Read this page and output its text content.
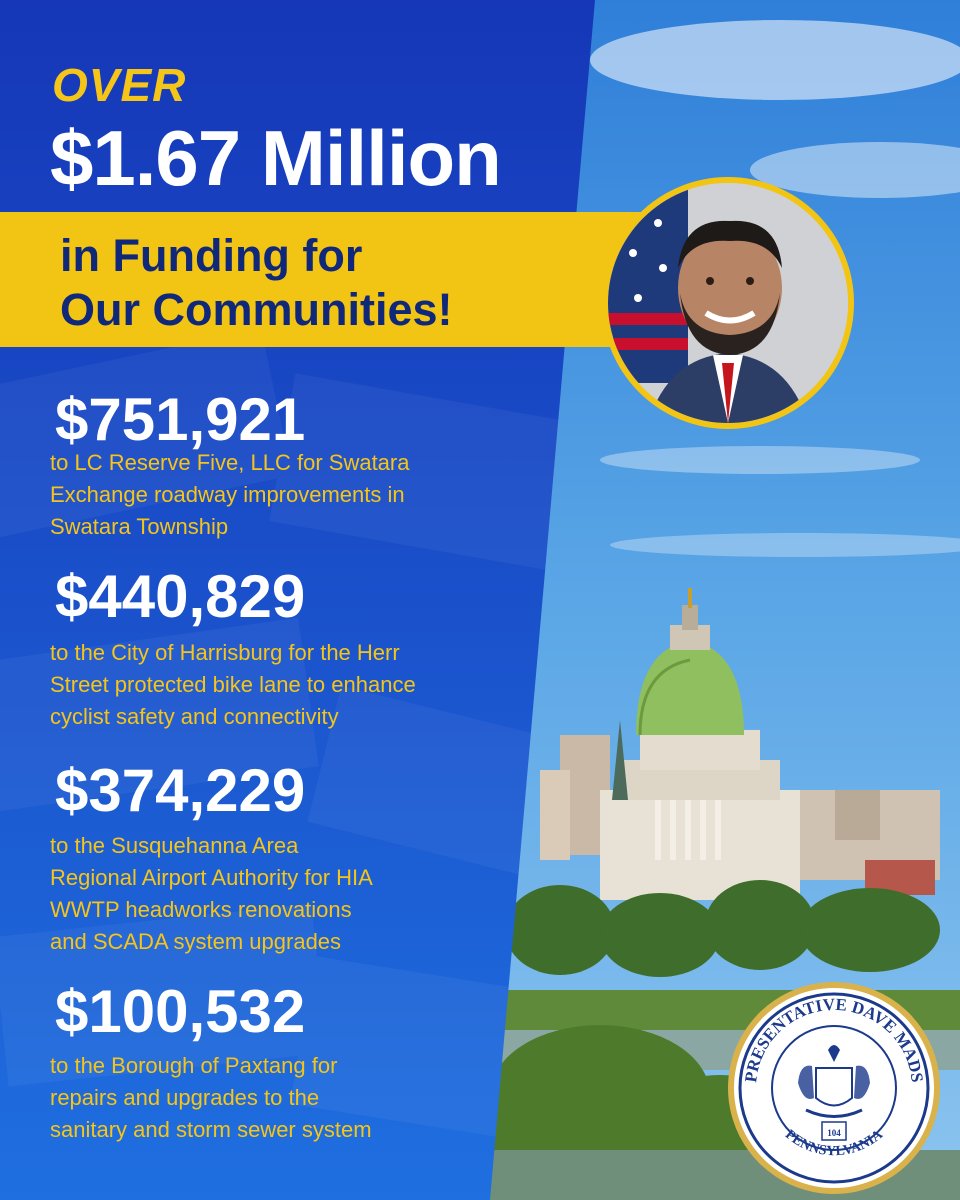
OVER
$1.67 Million
in Funding for
Our Communities!
$751,921
to LC Reserve Five, LLC for Swatara
Exchange roadway improvements in
Swatara Township
$440,829
to the City of Harrisburg for the Herr
Street protected bike lane to enhance
cyclist safety and connectivity
$374,229
to the Susquehanna Area
Regional Airport Authority for HIA
WWTP headworks renovations
and SCADA system upgrades
$100,532
to the Borough of Paxtang for
repairs and upgrades to the
sanitary and storm sewer system
PRESENTATIVE DAVE MADS
PENNSYLVANIA
104
